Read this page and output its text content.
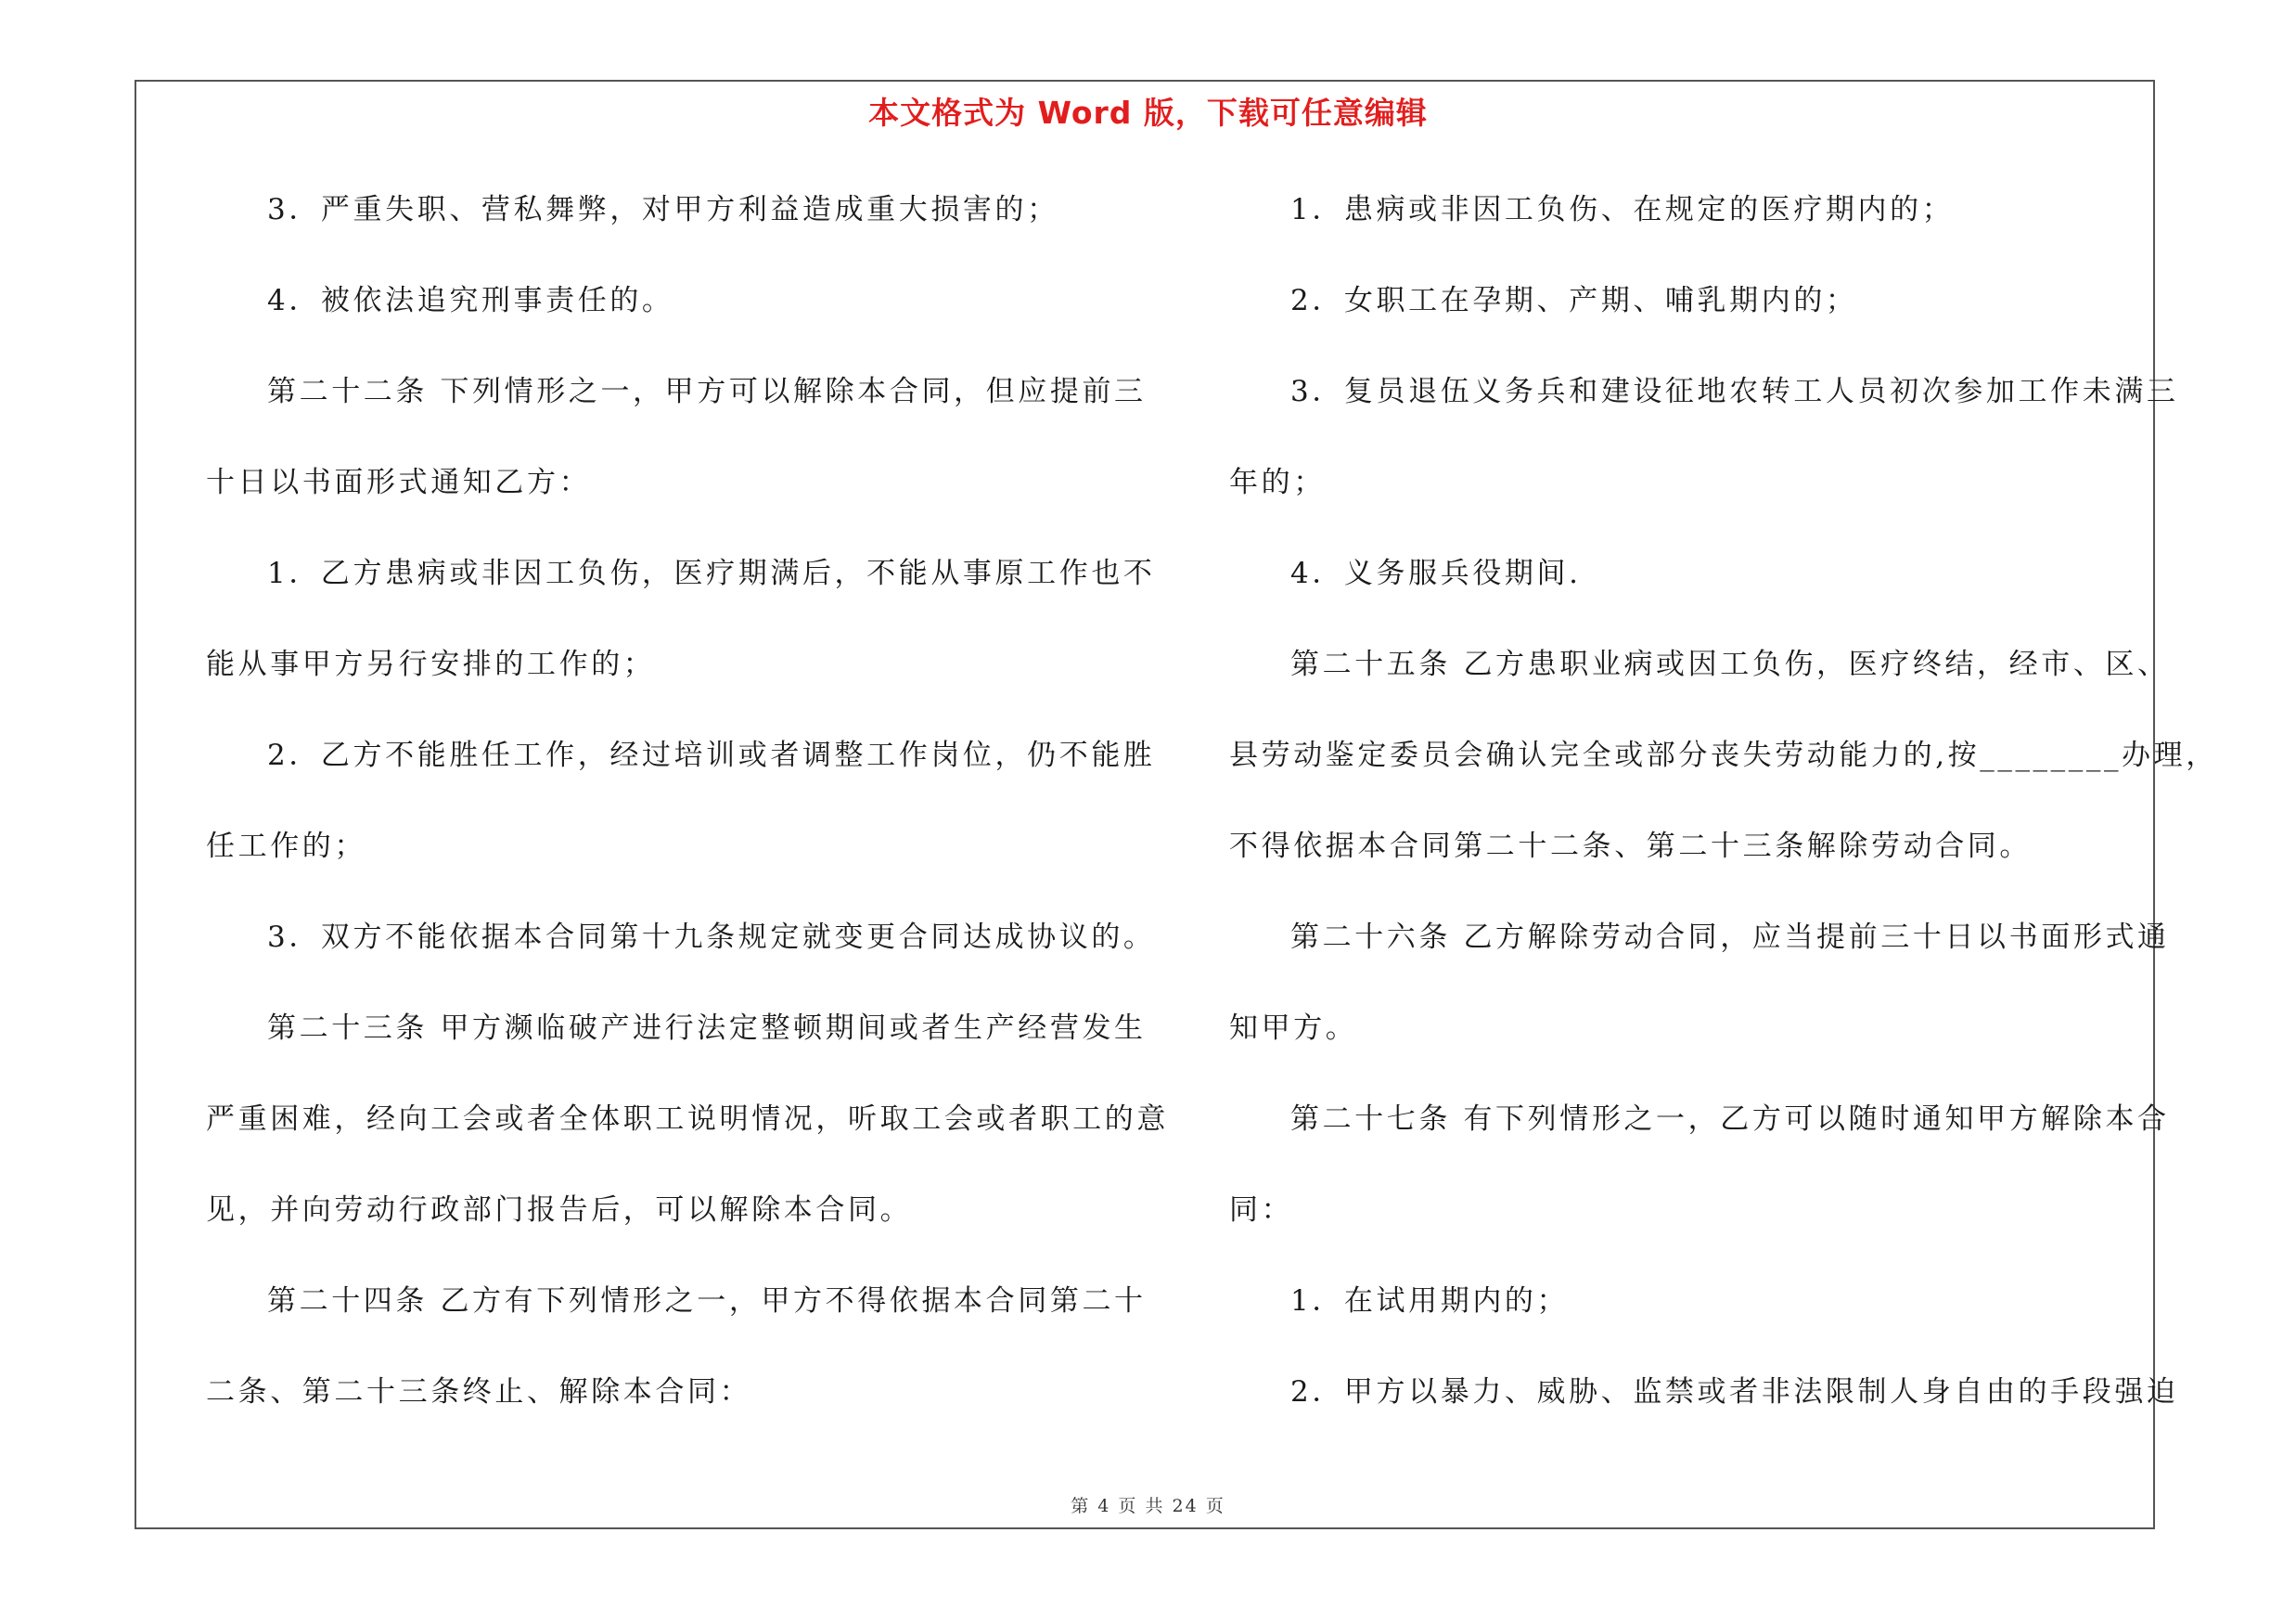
本文格式为 Word 版，下载可任意编辑
3．严重失职、营私舞弊，对甲方利益造成重大损害的；
4．被依法追究刑事责任的。
第二十二条 下列情形之一，甲方可以解除本合同，但应提前三
十日以书面形式通知乙方：
1．乙方患病或非因工负伤，医疗期满后，不能从事原工作也不
能从事甲方另行安排的工作的；
2．乙方不能胜任工作，经过培训或者调整工作岗位，仍不能胜
任工作的；
3．双方不能依据本合同第十九条规定就变更合同达成协议的。
第二十三条 甲方濒临破产进行法定整顿期间或者生产经营发生
严重困难，经向工会或者全体职工说明情况，听取工会或者职工的意
见，并向劳动行政部门报告后，可以解除本合同。
第二十四条 乙方有下列情形之一，甲方不得依据本合同第二十
二条、第二十三条终止、解除本合同：
1．患病或非因工负伤、在规定的医疗期内的；
2．女职工在孕期、产期、哺乳期内的；
3．复员退伍义务兵和建设征地农转工人员初次参加工作未满三
年的；
4．义务服兵役期间.
第二十五条 乙方患职业病或因工负伤，医疗终结，经市、区、
县劳动鉴定委员会确认完全或部分丧失劳动能力的,按________办理，
不得依据本合同第二十二条、第二十三条解除劳动合同。
第二十六条 乙方解除劳动合同，应当提前三十日以书面形式通
知甲方。
第二十七条 有下列情形之一，乙方可以随时通知甲方解除本合
同：
1．在试用期内的；
2．甲方以暴力、威胁、监禁或者非法限制人身自由的手段强迫
第 4 页 共 24 页
